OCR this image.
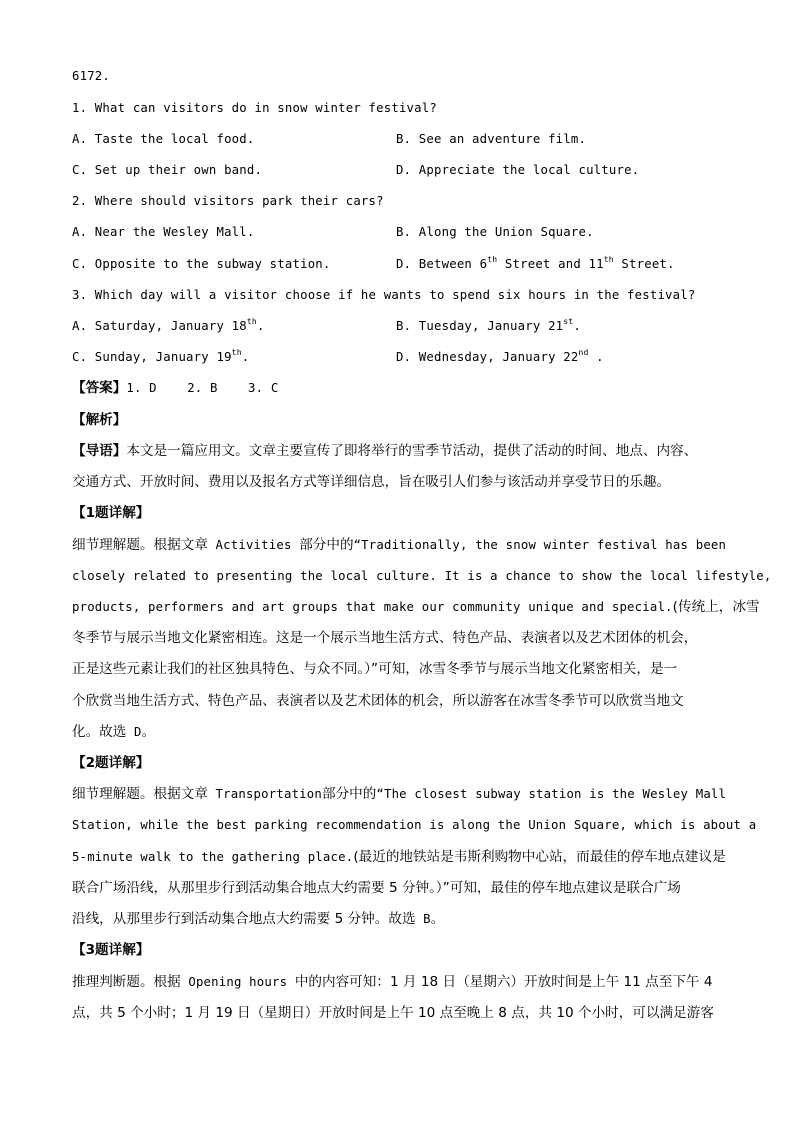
6172.
1. What can visitors do in snow winter festival?
A. Taste the local food.	B. See an adventure film.
C. Set up their own band.	D. Appreciate the local culture.
2. Where should visitors park their cars?
A. Near the Wesley Mall.	B. Along the Union Square.
C. Opposite to the subway station.	D. Between 6th Street and 11th Street.
3. Which day will a visitor choose if he wants to spend six hours in the festival?
A. Saturday, January 18th.	B. Tuesday, January 21st.
C. Sunday, January 19th.	D. Wednesday, January 22nd .
【答案】1. D    2. B    3. C
【解析】
【导语】本文是一篇应用文。文章主要宣传了即将举行的雪季节活动，提供了活动的时间、地点、内容、
交通方式、开放时间、费用以及报名方式等详细信息，旨在吸引人们参与该活动并享受节日的乐趣。
【1题详解】
细节理解题。根据文章 Activities 部分中的“Traditionally, the snow winter festival has been
closely related to presenting the local culture. It is a chance to show the local lifestyle,
products, performers and art groups that make our community unique and special.(传统上，冰雪
冬季节与展示当地文化紧密相连。这是一个展示当地生活方式、特色产品、表演者以及艺术团体的机会，
正是这些元素让我们的社区独具特色、与众不同。）”可知，冰雪冬季节与展示当地文化紧密相关，是一
个欣赏当地生活方式、特色产品、表演者以及艺术团体的机会，所以游客在冰雪冬季节可以欣赏当地文
化。故选 D。
【2题详解】
细节理解题。根据文章 Transportation部分中的“The closest subway station is the Wesley Mall
Station, while the best parking recommendation is along the Union Square, which is about a
5-minute walk to the gathering place.(最近的地铁站是韦斯利购物中心站，而最佳的停车地点建议是
联合广场沿线，从那里步行到活动集合地点大约需要 5 分钟。）”可知，最佳的停车地点建议是联合广场
沿线，从那里步行到活动集合地点大约需要 5 分钟。故选 B。
【3题详解】
推理判断题。根据 Opening hours 中的内容可知：1 月 18 日（星期六）开放时间是上午 11 点至下午 4
点，共 5 个小时；1 月 19 日（星期日）开放时间是上午 10 点至晚上 8 点，共 10 个小时，可以满足游客
